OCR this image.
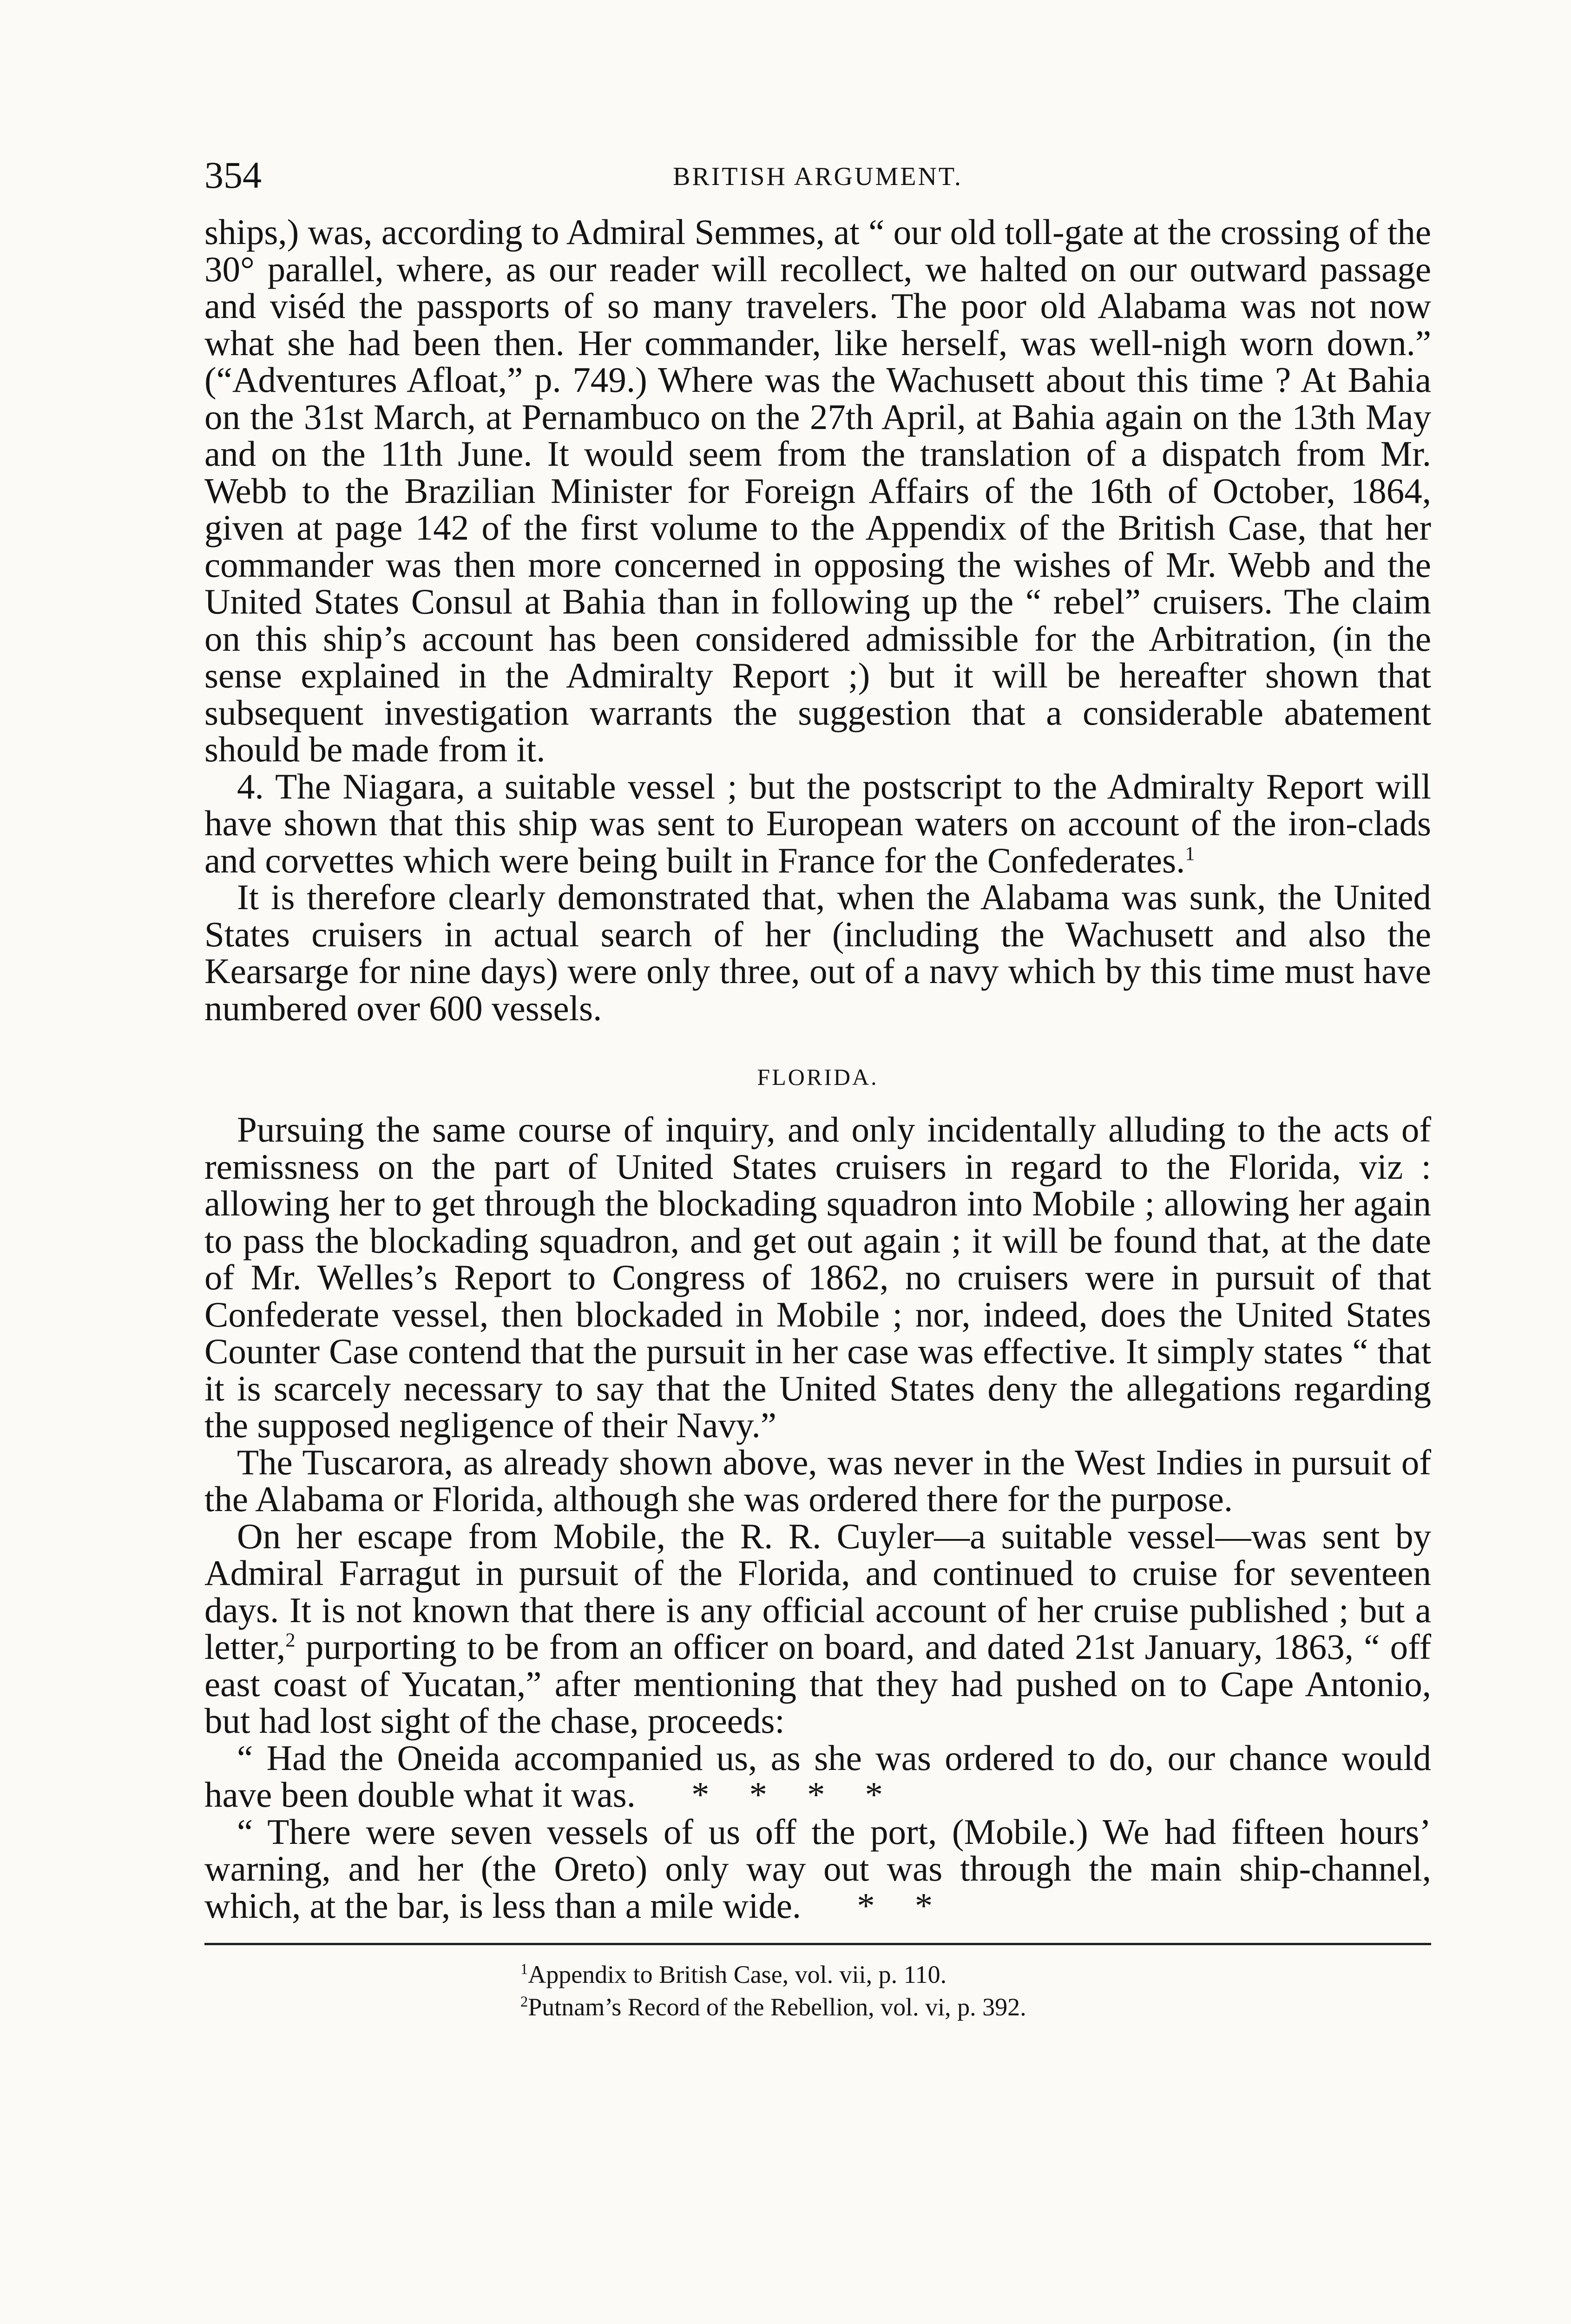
354	BRITISH ARGUMENT.

ships,) was, according to Admiral Semmes, at “ our old toll-gate at the crossing of the 30° parallel, where, as our reader will recollect, we halted on our outward passage and viséd the passports of so many travelers. The poor old Alabama was not now what she had been then. Her commander, like herself, was well-nigh worn down.” (“Adventures Afloat,” p. 749.) Where was the Wachusett about this time ? At Bahia on the 31st March, at Pernambuco on the 27th April, at Bahia again on the 13th May and on the 11th June. It would seem from the translation of a dispatch from Mr. Webb to the Brazilian Minister for Foreign Affairs of the 16th of October, 1864, given at page 142 of the first volume to the Appendix of the British Case, that her commander was then more concerned in opposing the wishes of Mr. Webb and the United States Consul at Bahia than in following up the “ rebel” cruisers. The claim on this ship’s account has been considered admissible for the Arbitration, (in the sense explained in the Admiralty Report ;) but it will be hereafter shown that subsequent investigation warrants the suggestion that a considerable abatement should be made from it.

4. The Niagara, a suitable vessel ; but the postscript to the Admiralty Report will have shown that this ship was sent to European waters on account of the iron-clads and corvettes which were being built in France for the Confederates.$^1$

It is therefore clearly demonstrated that, when the Alabama was sunk, the United States cruisers in actual search of her (including the Wachusett and also the Kearsarge for nine days) were only three, out of a navy which by this time must have numbered over 600 vessels.

FLORIDA.

Pursuing the same course of inquiry, and only incidentally alluding to the acts of remissness on the part of United States cruisers in regard to the Florida, viz : allowing her to get through the blockading squadron into Mobile ; allowing her again to pass the blockading squadron, and get out again ; it will be found that, at the date of Mr. Welles’s Report to Congress of 1862, no cruisers were in pursuit of that Confederate vessel, then blockaded in Mobile ; nor, indeed, does the United States Counter Case contend that the pursuit in her case was effective. It simply states “ that it is scarcely necessary to say that the United States deny the allegations regarding the supposed negligence of their Navy.”

The Tuscarora, as already shown above, was never in the West Indies in pursuit of the Alabama or Florida, although she was ordered there for the purpose.

On her escape from Mobile, the R. R. Cuyler—a suitable vessel—was sent by Admiral Farragut in pursuit of the Florida, and continued to cruise for seventeen days. It is not known that there is any official account of her cruise published ; but a letter,$^2$ purporting to be from an officer on board, and dated 21st January, 1863, “ off east coast of Yucatan,” after mentioning that they had pushed on to Cape Antonio, but had lost sight of the chase, proceeds:

“ Had the Oneida accompanied us, as she was ordered to do, our chance would have been double what it was. * * * *

“ There were seven vessels of us off the port, (Mobile.) We had fifteen hours’ warning, and her (the Oreto) only way out was through the main ship-channel, which, at the bar, is less than a mile wide. * *

$^1$Appendix to British Case, vol. vii, p. 110.

$^2$Putnam’s Record of the Rebellion, vol. vi, p. 392.
